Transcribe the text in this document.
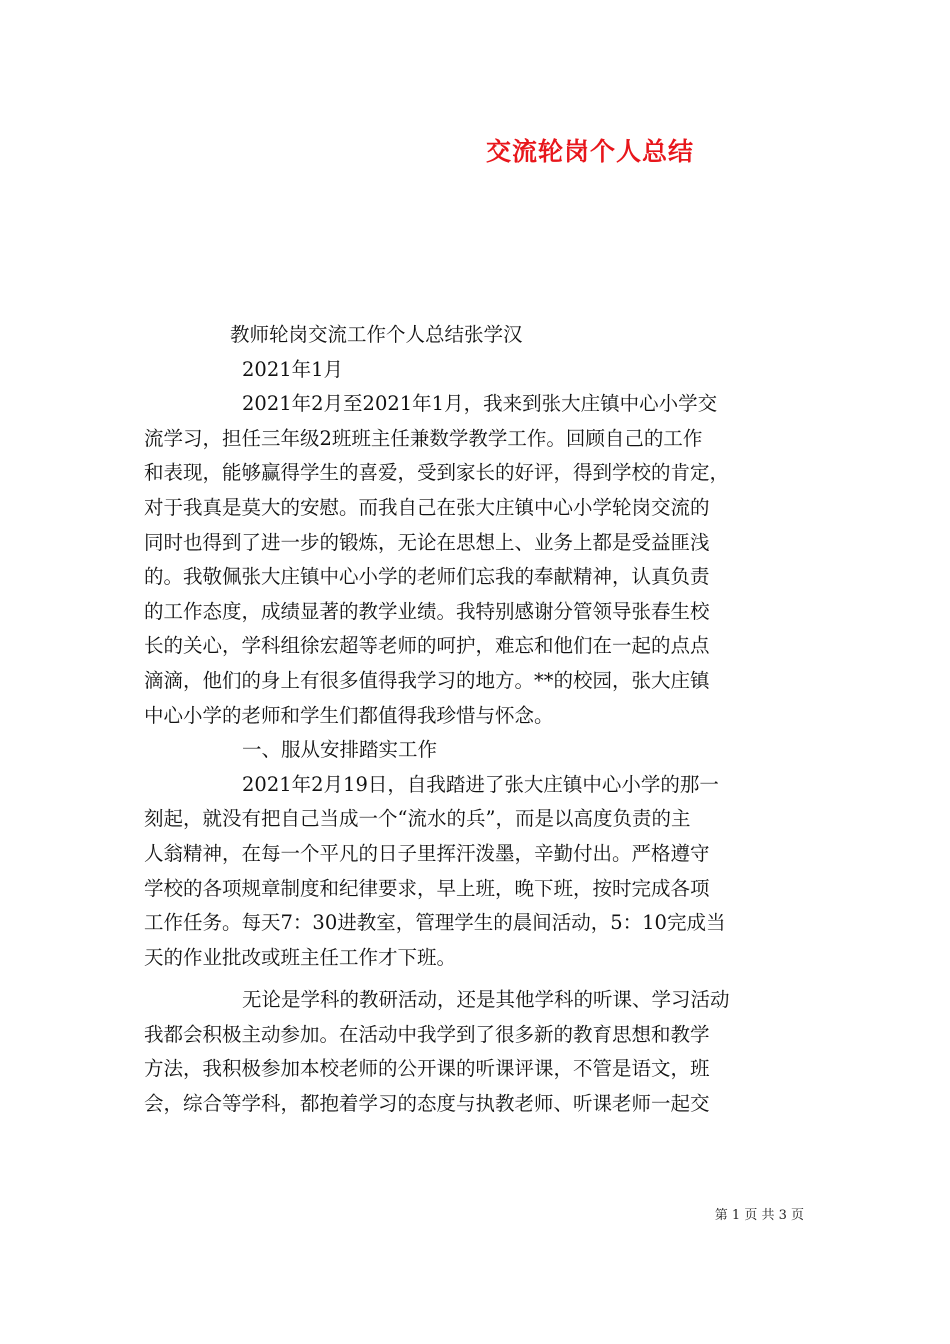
交流轮岗个人总结
教师轮岗交流工作个人总结张学汉
2021年1月
2021年2月至2021年1月，我来到张大庄镇中心小学交
流学习，担任三年级2班班主任兼数学教学工作。回顾自己的工作
和表现，能够赢得学生的喜爱，受到家长的好评，得到学校的肯定，
对于我真是莫大的安慰。而我自己在张大庄镇中心小学轮岗交流的
同时也得到了进一步的锻炼，无论在思想上、业务上都是受益匪浅
的。我敬佩张大庄镇中心小学的老师们忘我的奉献精神，认真负责
的工作态度，成绩显著的教学业绩。我特别感谢分管领导张春生校
长的关心，学科组徐宏超等老师的呵护，难忘和他们在一起的点点
滴滴，他们的身上有很多值得我学习的地方。**的校园，张大庄镇
中心小学的老师和学生们都值得我珍惜与怀念。
一、服从安排踏实工作
2021年2月19日，自我踏进了张大庄镇中心小学的那一
刻起，就没有把自己当成一个“流水的兵”，而是以高度负责的主
人翁精神，在每一个平凡的日子里挥汗泼墨，辛勤付出。严格遵守
学校的各项规章制度和纪律要求，早上班，晚下班，按时完成各项
工作任务。每天7：30进教室，管理学生的晨间活动，5：10完成当
天的作业批改或班主任工作才下班。
无论是学科的教研活动，还是其他学科的听课、学习活动
我都会积极主动参加。在活动中我学到了很多新的教育思想和教学
方法，我积极参加本校老师的公开课的听课评课，不管是语文，班
会，综合等学科，都抱着学习的态度与执教老师、听课老师一起交
第 1 页 共 3 页
